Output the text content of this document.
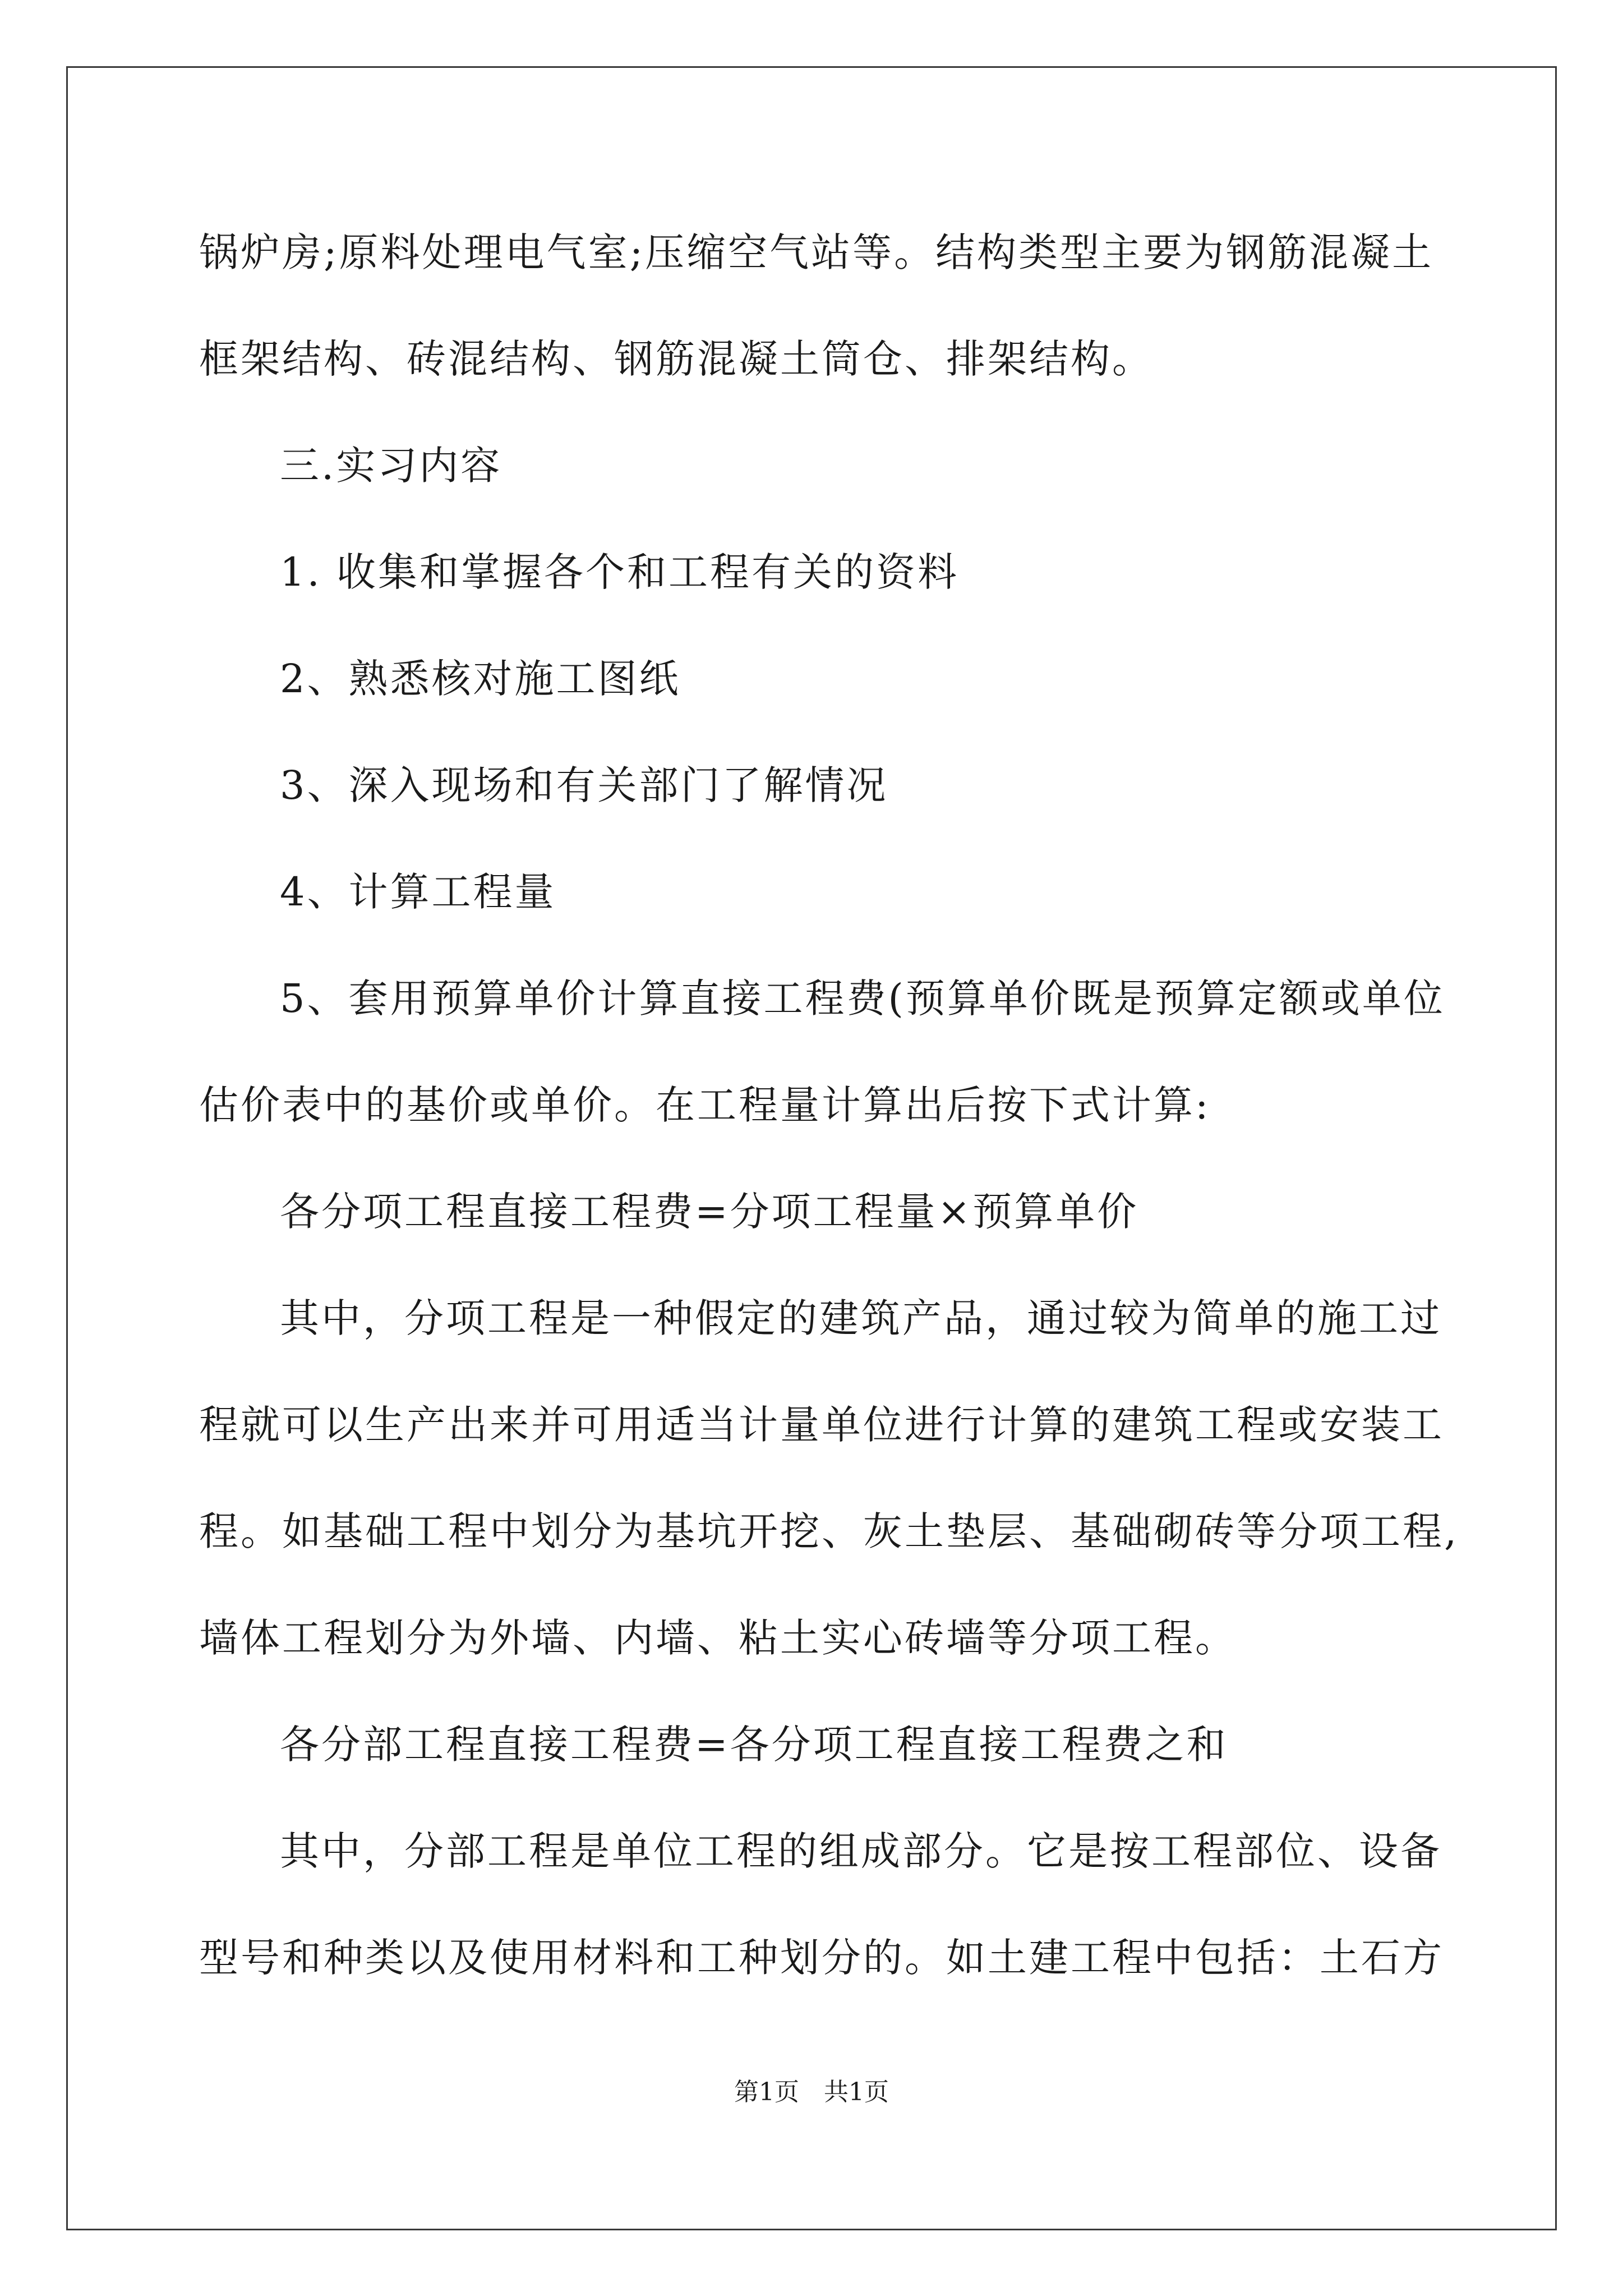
锅炉房;原料处理电气室;压缩空气站等。结构类型主要为钢筋混凝土
框架结构、砖混结构、钢筋混凝土筒仓、排架结构。
三.实习内容
1. 收集和掌握各个和工程有关的资料
2、熟悉核对施工图纸
3、深入现场和有关部门了解情况
4、计算工程量
5、套用预算单价计算直接工程费(预算单价既是预算定额或单位
估价表中的基价或单价。在工程量计算出后按下式计算:
各分项工程直接工程费=分项工程量×预算单价
其中，分项工程是一种假定的建筑产品，通过较为简单的施工过
程就可以生产出来并可用适当计量单位进行计算的建筑工程或安装工
程。如基础工程中划分为基坑开挖、灰土垫层、基础砌砖等分项工程,
墙体工程划分为外墙、内墙、粘土实心砖墙等分项工程。
各分部工程直接工程费=各分项工程直接工程费之和
其中，分部工程是单位工程的组成部分。它是按工程部位、设备
型号和种类以及使用材料和工种划分的。如土建工程中包括：土石方
第1页　共1页
